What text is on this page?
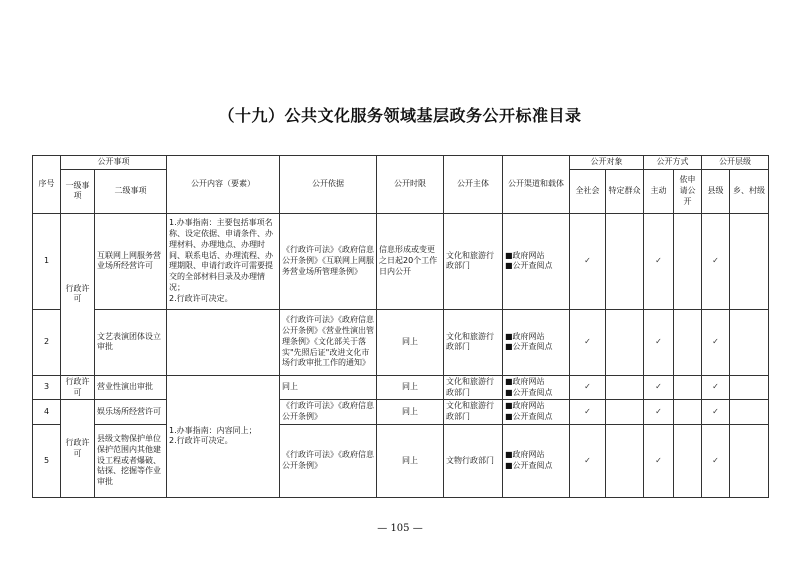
（十九）公共文化服务领域基层政务公开标准目录
序号	公开事项		公开内容（要素）	公开依据	公开时限	公开主体	公开渠道和载体	公开对象		公开方式		公开层级	
	一级事项	二级事项						全社会	特定群众	主动	依申请公开	县级	乡、村级
1	行政许可	互联网上网服务营业场所经营许可	1.办事指南：主要包括事项名称、设定依据、申请条件、办理材料、办理地点、办理时间、联系电话、办理流程、办理期限、申请行政许可需要提交的全部材料目录及办理情况；
2.行政许可决定。	《行政许可法》《政府信息公开条例》《互联网上网服务营业场所管理条例》	信息形成或变更之日起20个工作日内公开	文化和旅游行政部门	■政府网站
■公开查阅点	✓		✓		✓	
2		文艺表演团体设立审批		《行政许可法》《政府信息公开条例》《营业性演出管理条例》《文化部关于落实"先照后证"改进文化市场行政审批工作的通知》	同上	文化和旅游行政部门	■政府网站
■公开查阅点	✓		✓		✓	
3	行政许可	营业性演出审批	1.办事指南：内容同上；
2.行政许可决定。	同上	同上	文化和旅游行政部门	■政府网站
■公开查阅点	✓		✓		✓	
4	行政许可	娱乐场所经营许可		《行政许可法》《政府信息公开条例》	同上	文化和旅游行政部门	■政府网站
■公开查阅点	✓		✓		✓	
5		县级文物保护单位保护范围内其他建设工程或者爆破、钻探、挖掘等作业审批		《行政许可法》《政府信息公开条例》	同上	文物行政部门	■政府网站
■公开查阅点	✓		✓		✓	
— 105 —
